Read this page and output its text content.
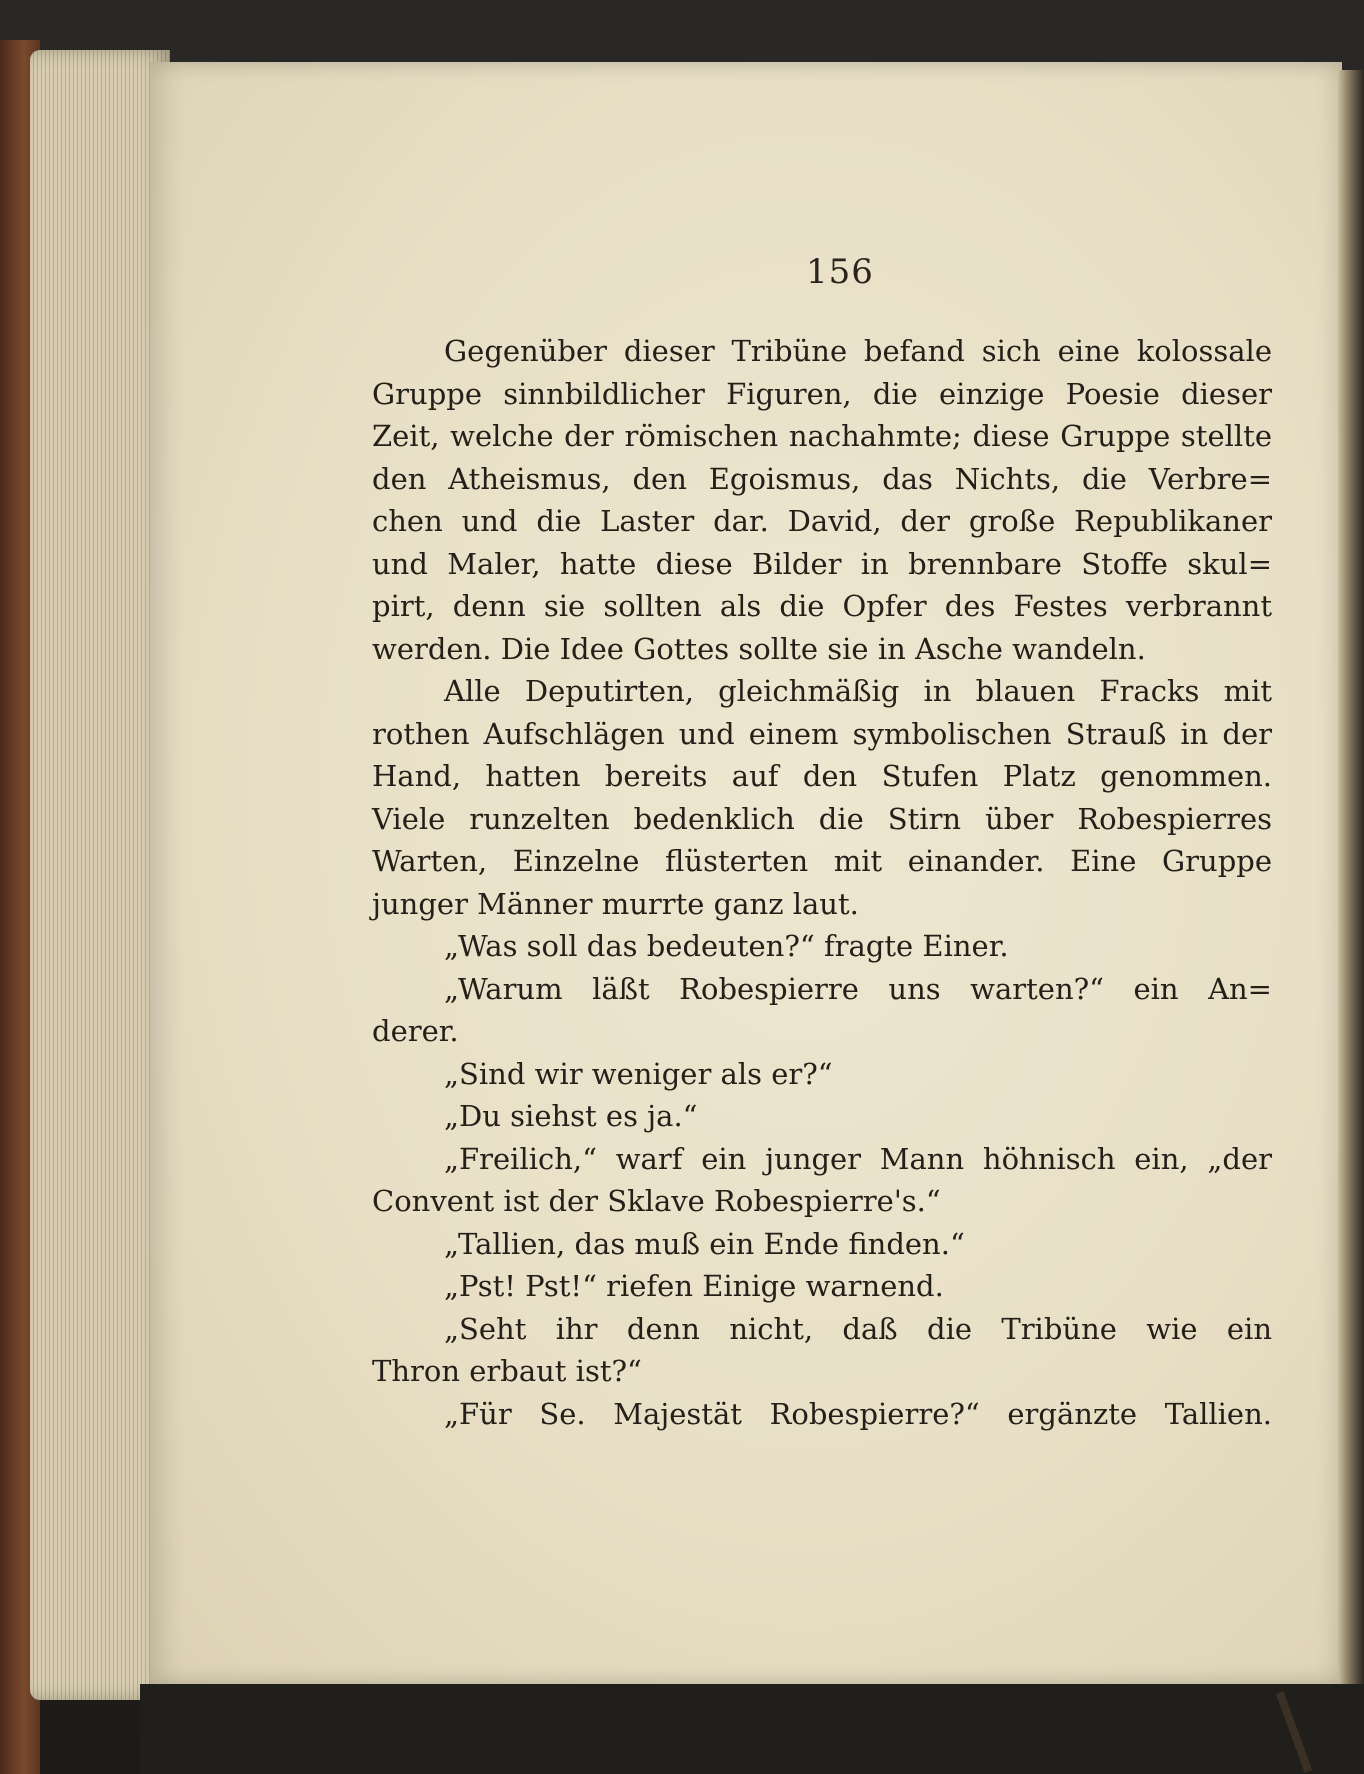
156
Gegenüber dieser Tribüne befand sich eine kolossale
Gruppe sinnbildlicher Figuren, die einzige Poesie dieser
Zeit, welche der römischen nachahmte; diese Gruppe stellte
den Atheismus, den Egoismus, das Nichts, die Verbre=
chen und die Laster dar. David, der große Republikaner
und Maler, hatte diese Bilder in brennbare Stoffe skul=
pirt, denn sie sollten als die Opfer des Festes verbrannt
werden. Die Idee Gottes sollte sie in Asche wandeln.
Alle Deputirten, gleichmäßig in blauen Fracks mit
rothen Aufschlägen und einem symbolischen Strauß in der
Hand, hatten bereits auf den Stufen Platz genommen.
Viele runzelten bedenklich die Stirn über Robespierres
Warten, Einzelne flüsterten mit einander. Eine Gruppe
junger Männer murrte ganz laut.
„Was soll das bedeuten?“ fragte Einer.
„Warum läßt Robespierre uns warten?“ ein An=
derer.
„Sind wir weniger als er?“
„Du siehst es ja.“
„Freilich,“ warf ein junger Mann höhnisch ein, „der
Convent ist der Sklave Robespierre's.“
„Tallien, das muß ein Ende finden.“
„Pst! Pst!“ riefen Einige warnend.
„Seht ihr denn nicht, daß die Tribüne wie ein
Thron erbaut ist?“
„Für Se. Majestät Robespierre?“ ergänzte Tallien.
